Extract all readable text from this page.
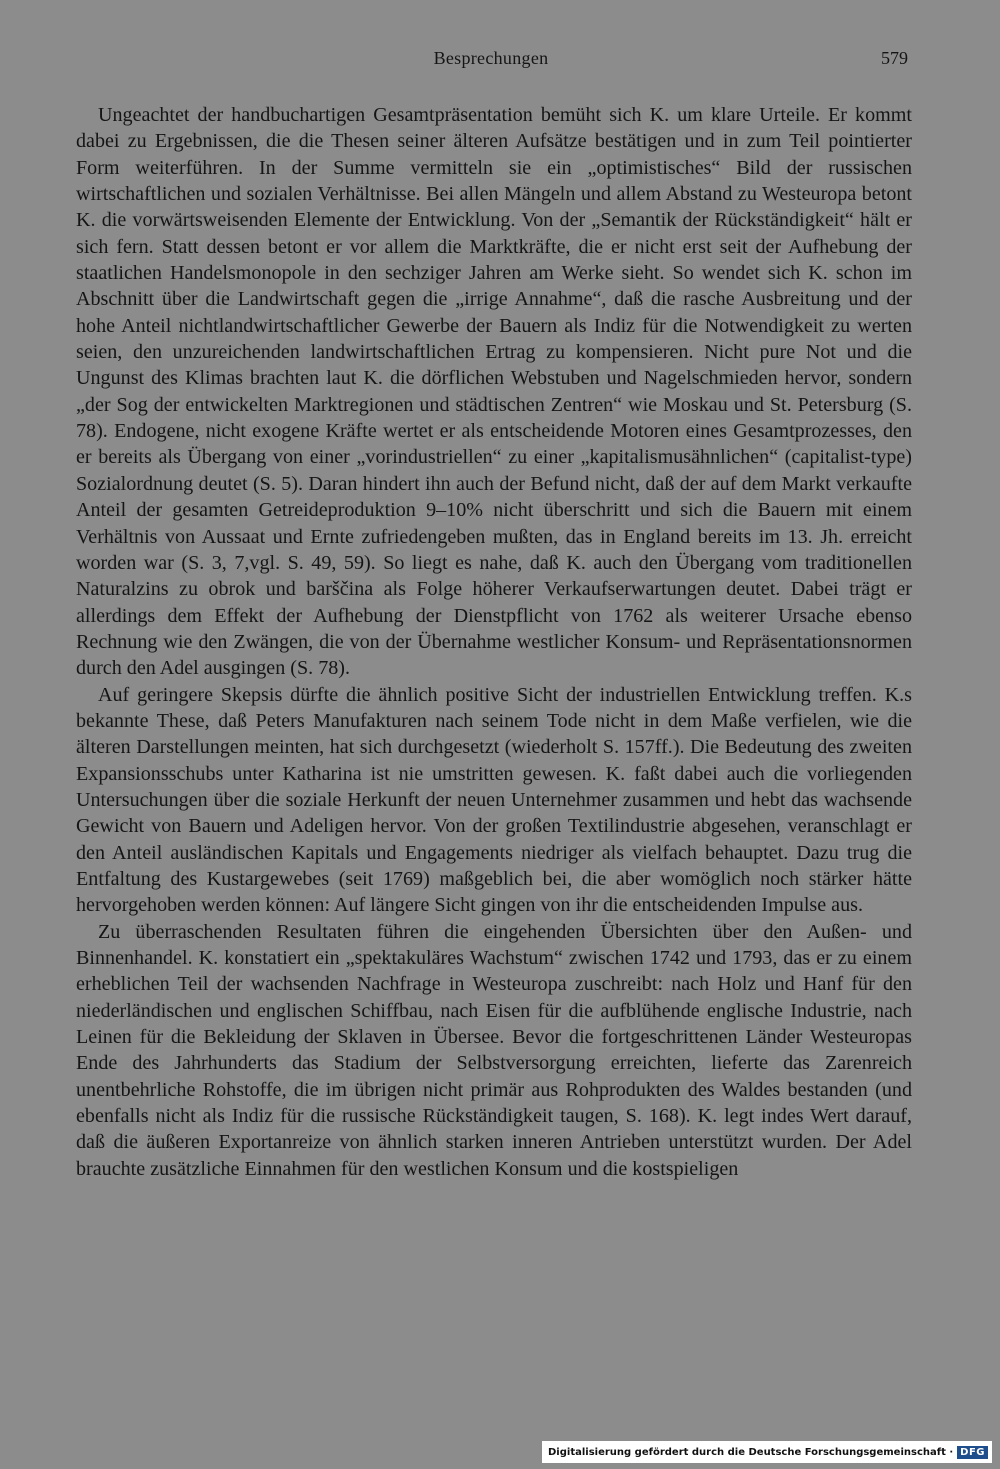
Besprechungen	579

Ungeachtet der handbuchartigen Gesamtpräsentation bemüht sich K. um klare Urteile. Er kommt dabei zu Ergebnissen, die die Thesen seiner älteren Aufsätze bestätigen und in zum Teil pointierter Form weiterführen. In der Summe vermitteln sie ein „optimistisches“ Bild der russischen wirtschaftlichen und sozialen Verhältnisse. Bei allen Mängeln und allem Abstand zu Westeuropa betont K. die vorwärtsweisenden Elemente der Entwicklung. Von der „Semantik der Rückständigkeit“ hält er sich fern. Statt dessen betont er vor allem die Marktkräfte, die er nicht erst seit der Aufhebung der staatlichen Handelsmonopole in den sechziger Jahren am Werke sieht. So wendet sich K. schon im Abschnitt über die Landwirtschaft gegen die „irrige Annahme“, daß die rasche Ausbreitung und der hohe Anteil nichtlandwirtschaftlicher Gewerbe der Bauern als Indiz für die Notwendigkeit zu werten seien, den unzureichenden landwirtschaftlichen Ertrag zu kompensieren. Nicht pure Not und die Ungunst des Klimas brachten laut K. die dörflichen Webstuben und Nagelschmieden hervor, sondern „der Sog der entwickelten Marktregionen und städtischen Zentren“ wie Moskau und St. Petersburg (S. 78). Endogene, nicht exogene Kräfte wertet er als entscheidende Motoren eines Gesamtprozesses, den er bereits als Übergang von einer „vorindustriellen“ zu einer „kapitalismusähnlichen“ (capitalist-type) Sozialordnung deutet (S. 5). Daran hindert ihn auch der Befund nicht, daß der auf dem Markt verkaufte Anteil der gesamten Getreideproduktion 9–10% nicht überschritt und sich die Bauern mit einem Verhältnis von Aussaat und Ernte zufriedengeben mußten, das in England bereits im 13. Jh. erreicht worden war (S. 3, 7,vgl. S. 49, 59). So liegt es nahe, daß K. auch den Übergang vom traditionellen Naturalzins zu obrok und barščina als Folge höherer Verkaufserwartungen deutet. Dabei trägt er allerdings dem Effekt der Aufhebung der Dienstpflicht von 1762 als weiterer Ursache ebenso Rechnung wie den Zwängen, die von der Übernahme westlicher Konsum- und Repräsentationsnormen durch den Adel ausgingen (S. 78).

Auf geringere Skepsis dürfte die ähnlich positive Sicht der industriellen Entwicklung treffen. K.s bekannte These, daß Peters Manufakturen nach seinem Tode nicht in dem Maße verfielen, wie die älteren Darstellungen meinten, hat sich durchgesetzt (wiederholt S. 157ff.). Die Bedeutung des zweiten Expansionsschubs unter Katharina ist nie umstritten gewesen. K. faßt dabei auch die vorliegenden Untersuchungen über die soziale Herkunft der neuen Unternehmer zusammen und hebt das wachsende Gewicht von Bauern und Adeligen hervor. Von der großen Textilindustrie abgesehen, veranschlagt er den Anteil ausländischen Kapitals und Engagements niedriger als vielfach behauptet. Dazu trug die Entfaltung des Kustargewebes (seit 1769) maßgeblich bei, die aber womöglich noch stärker hätte hervorgehoben werden können: Auf längere Sicht gingen von ihr die entscheidenden Impulse aus.

Zu überraschenden Resultaten führen die eingehenden Übersichten über den Außen- und Binnenhandel. K. konstatiert ein „spektakuläres Wachstum“ zwischen 1742 und 1793, das er zu einem erheblichen Teil der wachsenden Nachfrage in Westeuropa zuschreibt: nach Holz und Hanf für den niederländischen und englischen Schiffbau, nach Eisen für die aufblühende englische Industrie, nach Leinen für die Bekleidung der Sklaven in Übersee. Bevor die fortgeschrittenen Länder Westeuropas Ende des Jahrhunderts das Stadium der Selbstversorgung erreichten, lieferte das Zarenreich unentbehrliche Rohstoffe, die im übrigen nicht primär aus Rohprodukten des Waldes bestanden (und ebenfalls nicht als Indiz für die russische Rückständigkeit taugen, S. 168). K. legt indes Wert darauf, daß die äußeren Exportanreize von ähnlich starken inneren Antrieben unterstützt wurden. Der Adel brauchte zusätzliche Einnahmen für den westlichen Konsum und die kostspieligen

Digitalisierung gefördert durch die Deutsche Forschungsgemeinschaft · DFG
